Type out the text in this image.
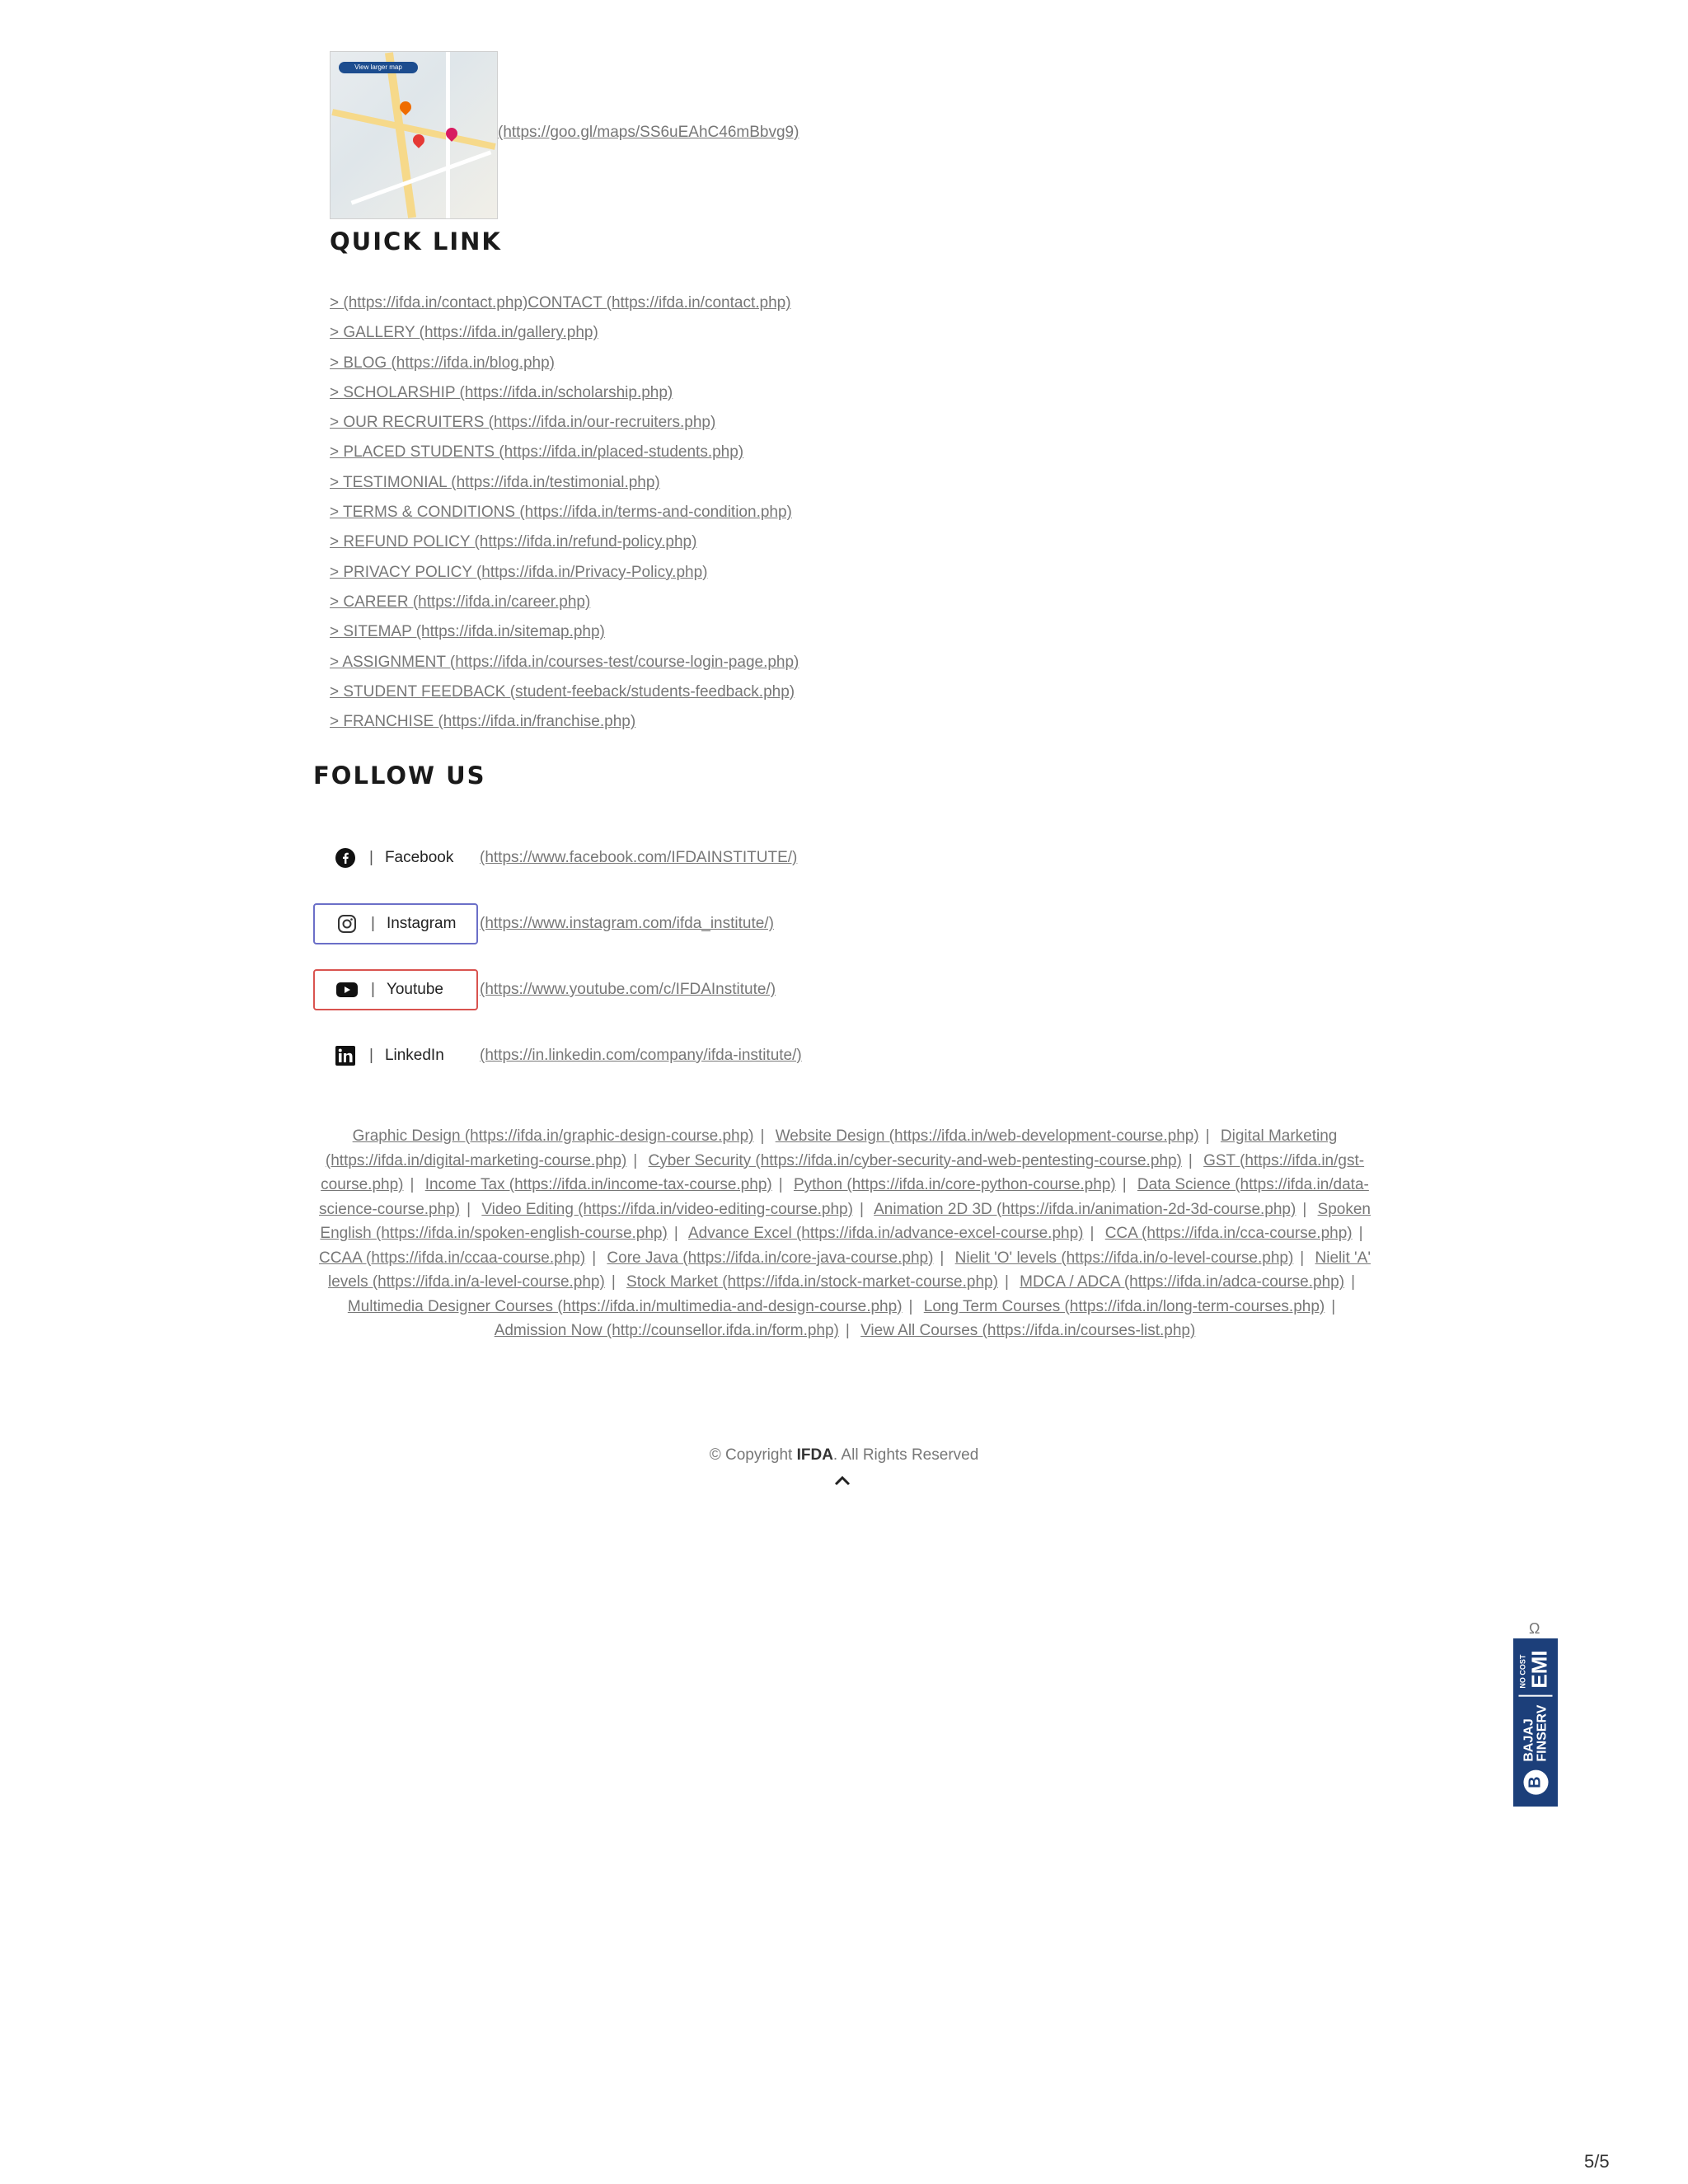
View larger map
(https://goo.gl/maps/SS6uEAhC46mBbvg9)
QUICK LINK
> (https://ifda.in/contact.php)CONTACT (https://ifda.in/contact.php)
> GALLERY (https://ifda.in/gallery.php)
> BLOG (https://ifda.in/blog.php)
> SCHOLARSHIP (https://ifda.in/scholarship.php)
> OUR RECRUITERS (https://ifda.in/our-recruiters.php)
> PLACED STUDENTS (https://ifda.in/placed-students.php)
> TESTIMONIAL (https://ifda.in/testimonial.php)
> TERMS & CONDITIONS (https://ifda.in/terms-and-condition.php)
> REFUND POLICY (https://ifda.in/refund-policy.php)
> PRIVACY POLICY (https://ifda.in/Privacy-Policy.php)
> CAREER (https://ifda.in/career.php)
> SITEMAP (https://ifda.in/sitemap.php)
> ASSIGNMENT (https://ifda.in/courses-test/course-login-page.php)
> STUDENT FEEDBACK (student-feeback/students-feedback.php)
> FRANCHISE (https://ifda.in/franchise.php)
FOLLOW US
| Facebook (https://www.facebook.com/IFDAINSTITUTE/)
| Instagram (https://www.instagram.com/ifda_institute/)
| Youtube (https://www.youtube.com/c/IFDAInstitute/)
| LinkedIn (https://in.linkedin.com/company/ifda-institute/)
Graphic Design (https://ifda.in/graphic-design-course.php) | Website Design (https://ifda.in/web-development-course.php) | Digital Marketing (https://ifda.in/digital-marketing-course.php) | Cyber Security (https://ifda.in/cyber-security-and-web-pentesting-course.php) | GST (https://ifda.in/gst-course.php) | Income Tax (https://ifda.in/income-tax-course.php) | Python (https://ifda.in/core-python-course.php) | Data Science (https://ifda.in/data-science-course.php) | Video Editing (https://ifda.in/video-editing-course.php) | Animation 2D 3D (https://ifda.in/animation-2d-3d-course.php) | Spoken English (https://ifda.in/spoken-english-course.php) | Advance Excel (https://ifda.in/advance-excel-course.php) | CCA (https://ifda.in/cca-course.php) | CCAA (https://ifda.in/ccaa-course.php) | Core Java (https://ifda.in/core-java-course.php) | Nielit 'O' levels (https://ifda.in/o-level-course.php) | Nielit 'A' levels (https://ifda.in/a-level-course.php) | Stock Market (https://ifda.in/stock-market-course.php) | MDCA / ADCA (https://ifda.in/adca-course.php) | Multimedia Designer Courses (https://ifda.in/multimedia-and-design-course.php) | Long Term Courses (https://ifda.in/long-term-courses.php) | Admission Now (http://counsellor.ifda.in/form.php) | View All Courses (https://ifda.in/courses-list.php)
© Copyright IFDA. All Rights Reserved
Ω
B
BAJAJ FINSERV
NO COST EMI
5/5
